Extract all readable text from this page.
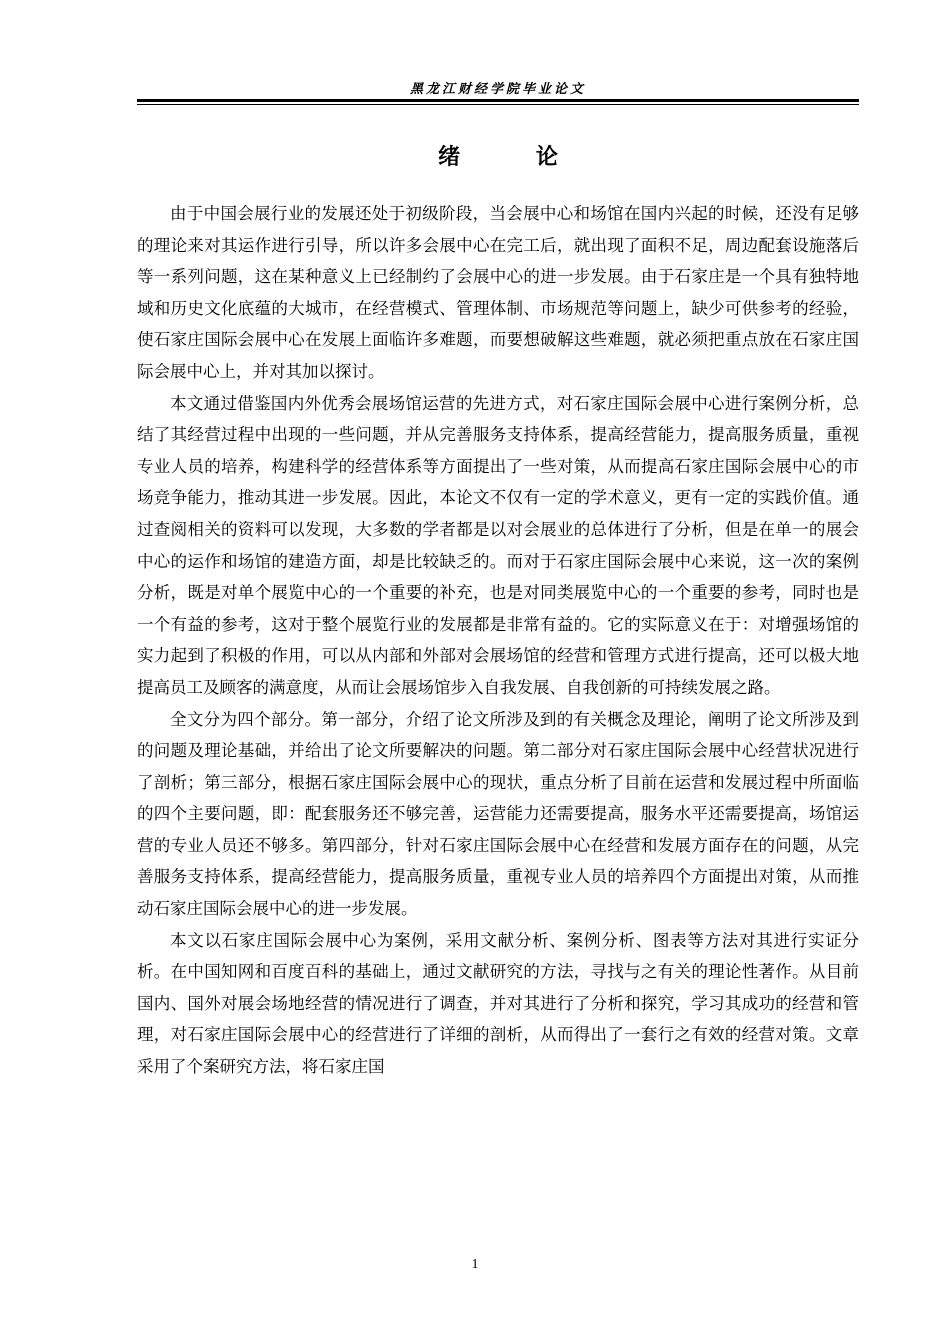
黑龙江财经学院毕业论文
绪 论

由于中国会展行业的发展还处于初级阶段，当会展中心和场馆在国内兴起的时候，还没有足够的理论来对其运作进行引导，所以许多会展中心在完工后，就出现了面积不足，周边配套设施落后等一系列问题，这在某种意义上已经制约了会展中心的进一步发展。由于石家庄是一个具有独特地域和历史文化底蕴的大城市，在经营模式、管理体制、市场规范等问题上，缺少可供参考的经验，使石家庄国际会展中心在发展上面临许多难题，而要想破解这些难题，就必须把重点放在石家庄国际会展中心上，并对其加以探讨。

本文通过借鉴国内外优秀会展场馆运营的先进方式，对石家庄国际会展中心进行案例分析，总结了其经营过程中出现的一些问题，并从完善服务支持体系，提高经营能力，提高服务质量，重视专业人员的培养，构建科学的经营体系等方面提出了一些对策，从而提高石家庄国际会展中心的市场竞争能力，推动其进一步发展。因此，本论文不仅有一定的学术意义，更有一定的实践价值。通过查阅相关的资料可以发现，大多数的学者都是以对会展业的总体进行了分析，但是在单一的展会中心的运作和场馆的建造方面，却是比较缺乏的。而对于石家庄国际会展中心来说，这一次的案例分析，既是对单个展览中心的一个重要的补充，也是对同类展览中心的一个重要的参考，同时也是一个有益的参考，这对于整个展览行业的发展都是非常有益的。它的实际意义在于：对增强场馆的实力起到了积极的作用，可以从内部和外部对会展场馆的经营和管理方式进行提高，还可以极大地提高员工及顾客的满意度，从而让会展场馆步入自我发展、自我创新的可持续发展之路。

全文分为四个部分。第一部分，介绍了论文所涉及到的有关概念及理论，阐明了论文所涉及到的问题及理论基础，并给出了论文所要解决的问题。第二部分对石家庄国际会展中心经营状况进行了剖析；第三部分，根据石家庄国际会展中心的现状，重点分析了目前在运营和发展过程中所面临的四个主要问题，即：配套服务还不够完善，运营能力还需要提高，服务水平还需要提高，场馆运营的专业人员还不够多。第四部分，针对石家庄国际会展中心在经营和发展方面存在的问题，从完善服务支持体系，提高经营能力，提高服务质量，重视专业人员的培养四个方面提出对策，从而推动石家庄国际会展中心的进一步发展。

本文以石家庄国际会展中心为案例，采用文献分析、案例分析、图表等方法对其进行实证分析。在中国知网和百度百科的基础上，通过文献研究的方法，寻找与之有关的理论性著作。从目前国内、国外对展会场地经营的情况进行了调查，并对其进行了分析和探究，学习其成功的经营和管理，对石家庄国际会展中心的经营进行了详细的剖析，从而得出了一套行之有效的经营对策。文章采用了个案研究方法，将石家庄国

1
